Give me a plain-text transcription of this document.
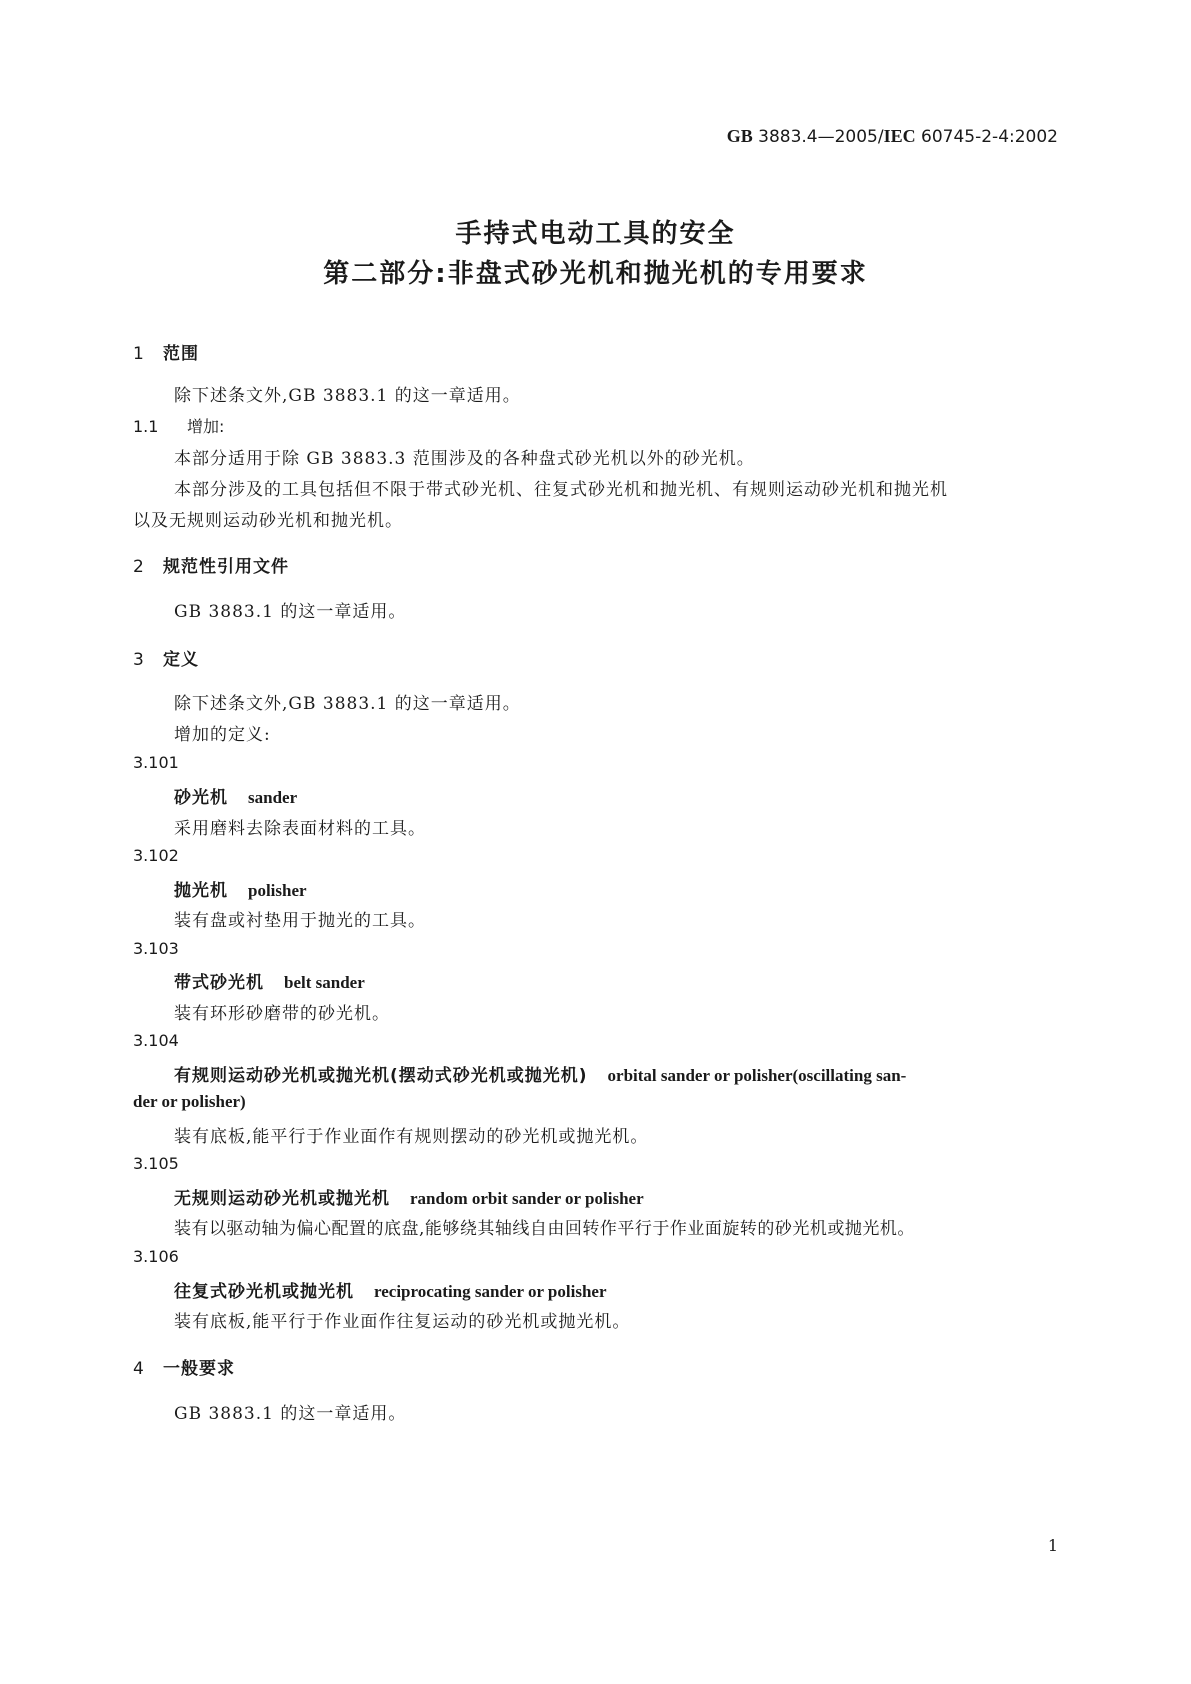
GB 3883.4—2005/IEC 60745-2-4:2002
手持式电动工具的安全
第二部分:非盘式砂光机和抛光机的专用要求
1 范围
除下述条文外,GB 3883.1 的这一章适用。
1.1 增加:
本部分适用于除 GB 3883.3 范围涉及的各种盘式砂光机以外的砂光机。
本部分涉及的工具包括但不限于带式砂光机、往复式砂光机和抛光机、有规则运动砂光机和抛光机
以及无规则运动砂光机和抛光机。
2 规范性引用文件
GB 3883.1 的这一章适用。
3 定义
除下述条文外,GB 3883.1 的这一章适用。
增加的定义:
3.101
砂光机 sander
采用磨料去除表面材料的工具。
3.102
抛光机 polisher
装有盘或衬垫用于抛光的工具。
3.103
带式砂光机 belt sander
装有环形砂磨带的砂光机。
3.104
有规则运动砂光机或抛光机(摆动式砂光机或抛光机) orbital sander or polisher(oscillating san-
der or polisher)
装有底板,能平行于作业面作有规则摆动的砂光机或抛光机。
3.105
无规则运动砂光机或抛光机 random orbit sander or polisher
装有以驱动轴为偏心配置的底盘,能够绕其轴线自由回转作平行于作业面旋转的砂光机或抛光机。
3.106
往复式砂光机或抛光机 reciprocating sander or polisher
装有底板,能平行于作业面作往复运动的砂光机或抛光机。
4 一般要求
GB 3883.1 的这一章适用。
1
